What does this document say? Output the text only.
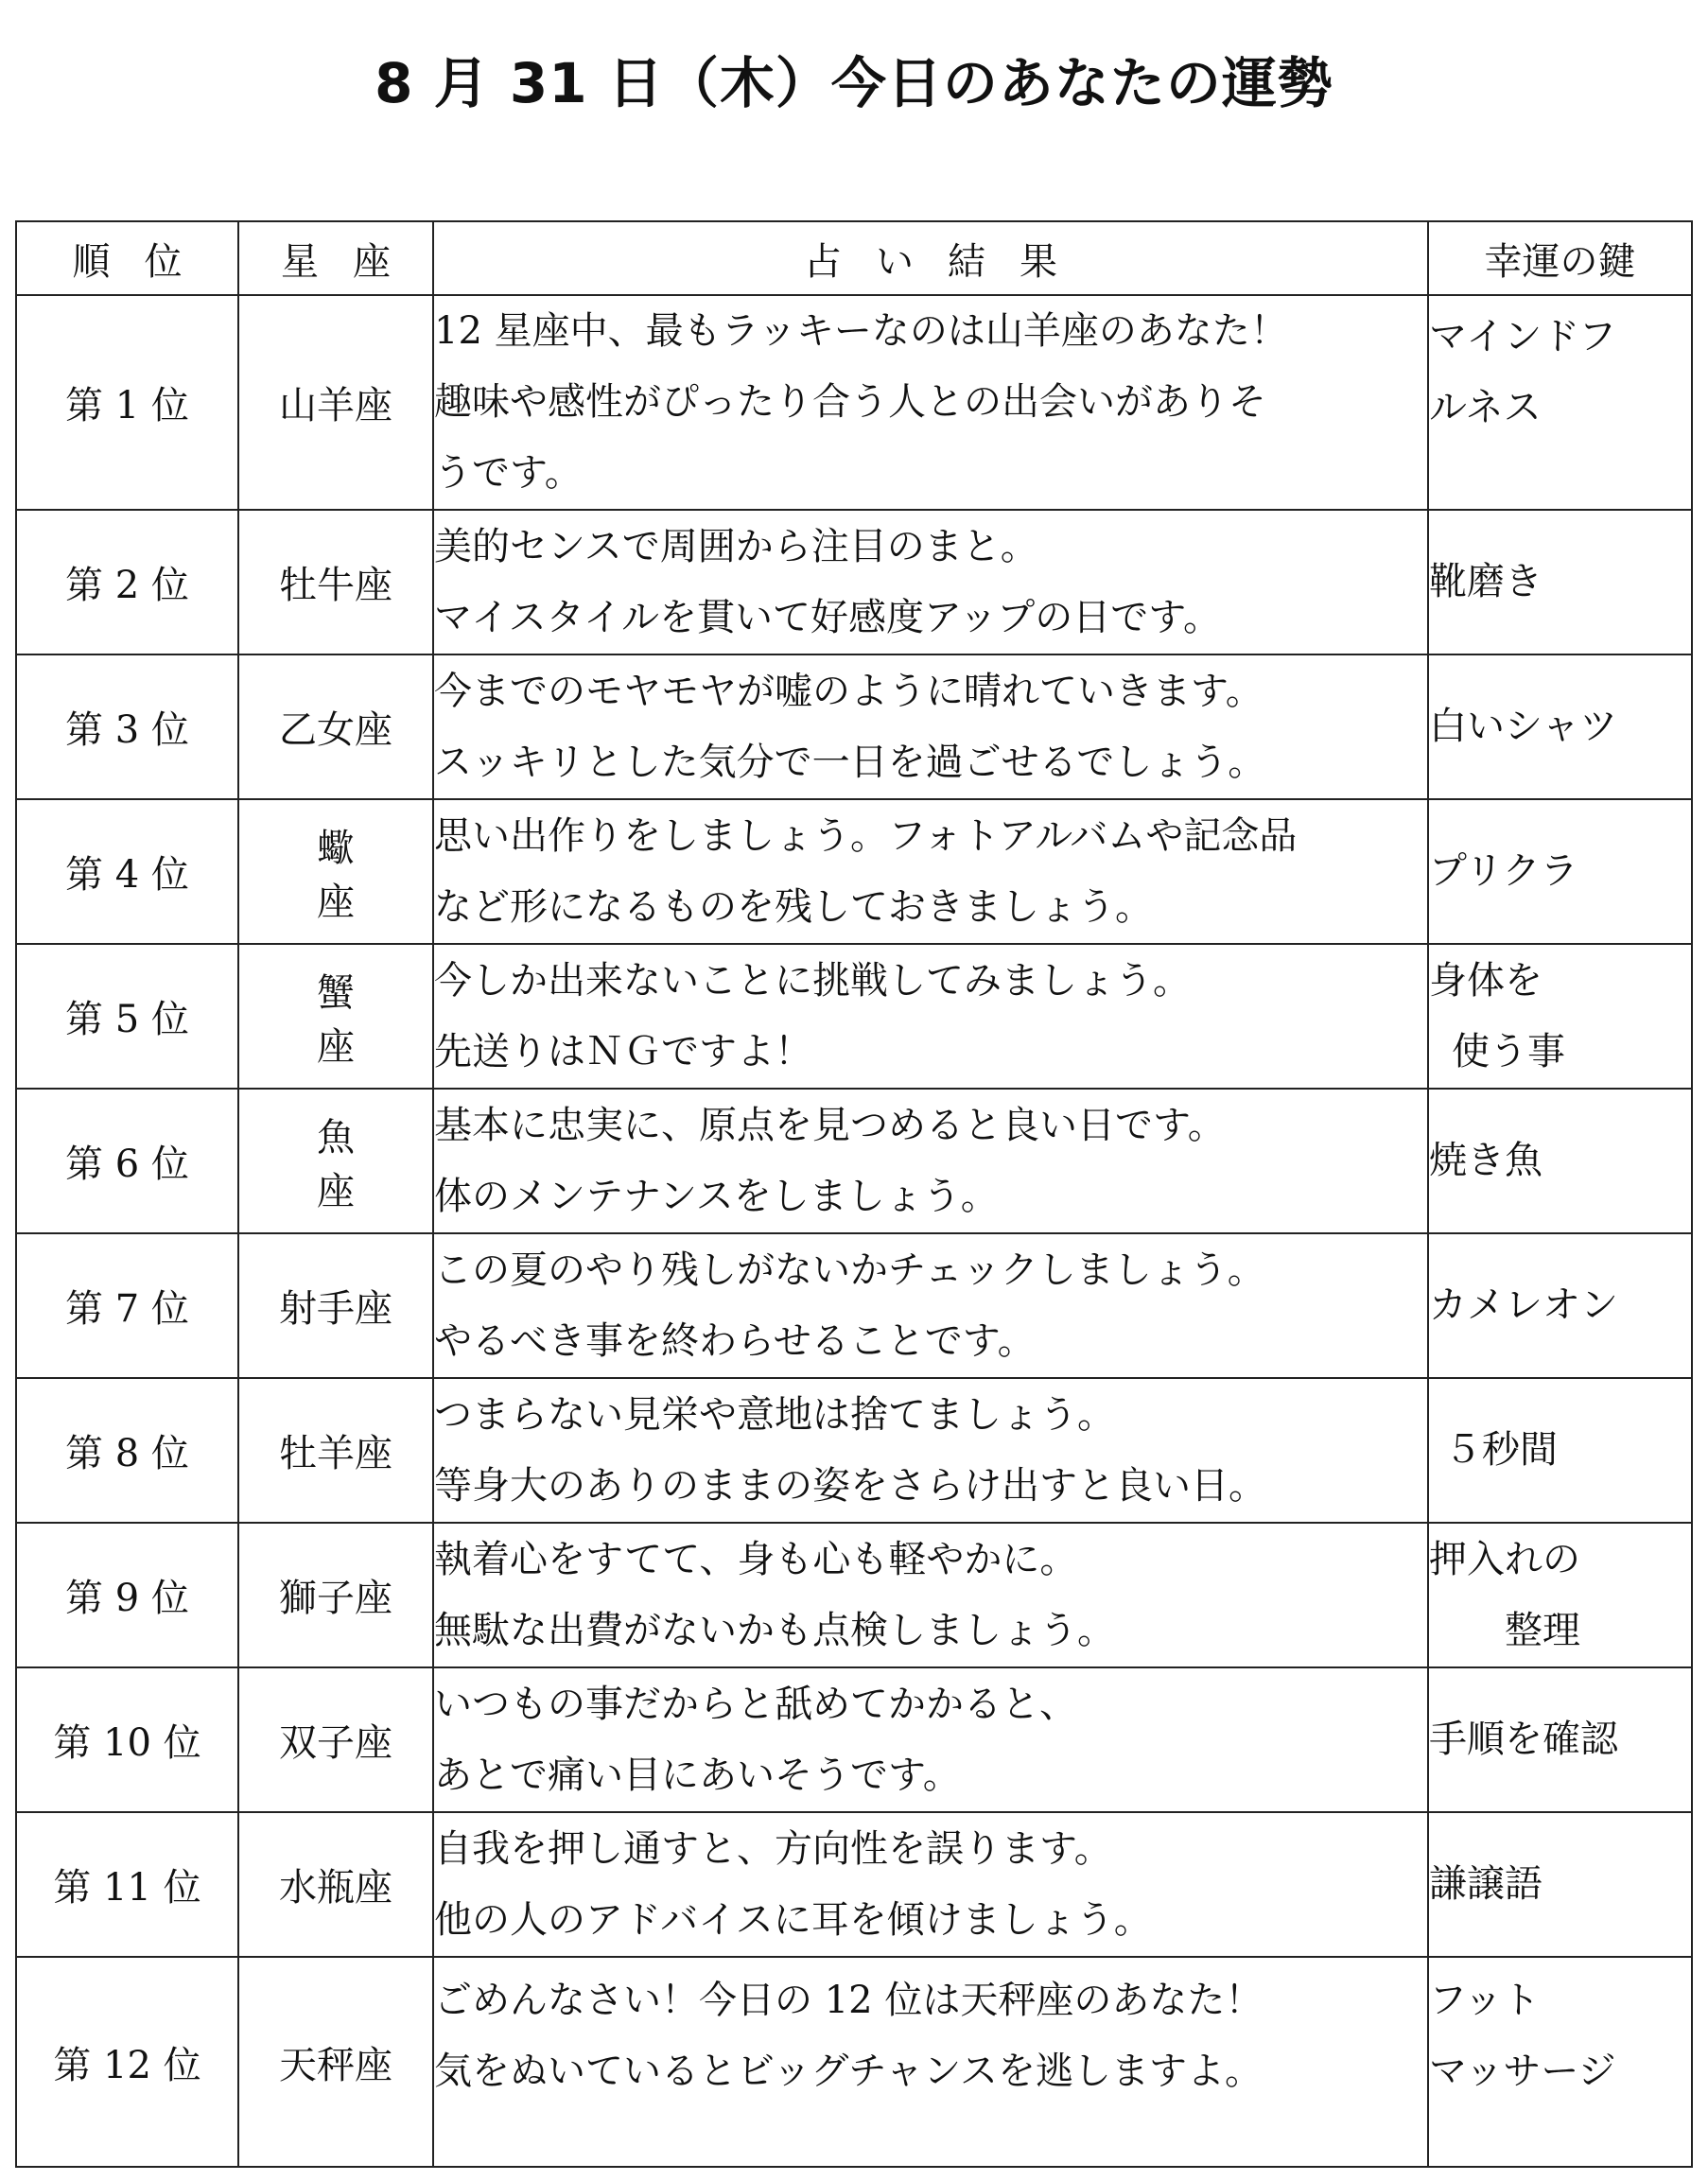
8 月 31 日（木）今日のあなたの運勢
順位	星座	占い結果	幸運の鍵
第 1 位	山羊座	12 星座中、最もラッキーなのは山羊座のあなた！
趣味や感性がぴったり合う人との出会いがありそ
うです。	マインドフ
ルネス

第 2 位	牡牛座	美的センスで周囲から注目のまと。
マイスタイルを貫いて好感度アップの日です。	靴磨き

第 3 位	乙女座	今までのモヤモヤが嘘のように晴れていきます。
スッキリとした気分で一日を過ごせるでしょう。	白いシャツ

第 4 位	蠍座	思い出作りをしましょう。フォトアルバムや記念品
など形になるものを残しておきましょう。	プリクラ

第 5 位	蟹座	今しか出来ないことに挑戦してみましょう。
先送りはＮＧですよ！	身体を
使う事

第 6 位	魚座	基本に忠実に、原点を見つめると良い日です。
体のメンテナンスをしましょう。	焼き魚

第 7 位	射手座	この夏のやり残しがないかチェックしましょう。
やるべき事を終わらせることです。	カメレオン

第 8 位	牡羊座	つまらない見栄や意地は捨てましょう。
等身大のありのままの姿をさらけ出すと良い日。	５秒間

第 9 位	獅子座	執着心をすてて、身も心も軽やかに。
無駄な出費がないかも点検しましょう。	押入れの
整理

第 10 位	双子座	いつもの事だからと舐めてかかると、
あとで痛い目にあいそうです。	手順を確認

第 11 位	水瓶座	自我を押し通すと、方向性を誤ります。
他の人のアドバイスに耳を傾けましょう。	謙譲語

第 12 位	天秤座	ごめんなさい！今日の 12 位は天秤座のあなた！
気をぬいているとビッグチャンスを逃しますよ。	フット
マッサージ
